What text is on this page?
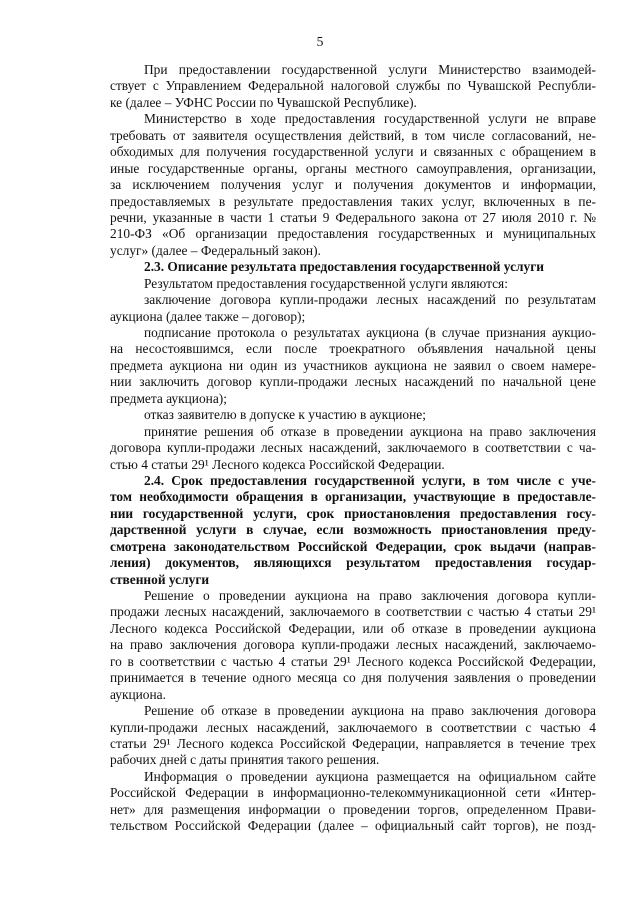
5
При предоставлении государственной услуги Министерство взаимодей-
ствует с Управлением Федеральной налоговой службы по Чувашской Республи-
ке (далее – УФНС России по Чувашской Республике).
Министерство в ходе предоставления государственной услуги не вправе
требовать от заявителя осуществления действий, в том числе согласований, не-
обходимых для получения государственной услуги и связанных с обращением в
иные государственные органы, органы местного самоуправления, организации,
за исключением получения услуг и получения документов и информации,
предоставляемых в результате предоставления таких услуг, включенных в пе-
речни, указанные в части 1 статьи 9 Федерального закона от 27 июля 2010 г. №
210-ФЗ «Об организации предоставления государственных и муниципальных
услуг» (далее – Федеральный закон).
2.3. Описание результата предоставления государственной услуги
Результатом предоставления государственной услуги являются:
заключение договора купли-продажи лесных насаждений по результатам
аукциона (далее также – договор);
подписание протокола о результатах аукциона (в случае признания аукцио-
на несостоявшимся, если после троекратного объявления начальной цены
предмета аукциона ни один из участников аукциона не заявил о своем намере-
нии заключить договор купли-продажи лесных насаждений по начальной цене
предмета аукциона);
отказ заявителю в допуске к участию в аукционе;
принятие решения об отказе в проведении аукциона на право заключения
договора купли-продажи лесных насаждений, заключаемого в соответствии с ча-
стью 4 статьи 29¹ Лесного кодекса Российской Федерации.
2.4. Срок предоставления государственной услуги, в том числе с уче-
том необходимости обращения в организации, участвующие в предоставле-
нии государственной услуги, срок приостановления предоставления госу-
дарственной услуги в случае, если возможность приостановления преду-
смотрена законодательством Российской Федерации, срок выдачи (направ-
ления) документов, являющихся результатом предоставления государ-
ственной услуги
Решение о проведении аукциона на право заключения договора купли-
продажи лесных насаждений, заключаемого в соответствии с частью 4 статьи 29¹
Лесного кодекса Российской Федерации, или об отказе в проведении аукциона
на право заключения договора купли-продажи лесных насаждений, заключаемо-
го в соответствии с частью 4 статьи 29¹ Лесного кодекса Российской Федерации,
принимается в течение одного месяца со дня получения заявления о проведении
аукциона.
Решение об отказе в проведении аукциона на право заключения договора
купли-продажи лесных насаждений, заключаемого в соответствии с частью 4
статьи 29¹ Лесного кодекса Российской Федерации, направляется в течение трех
рабочих дней с даты принятия такого решения.
Информация о проведении аукциона размещается на официальном сайте
Российской Федерации в информационно-телекоммуникационной сети «Интер-
нет» для размещения информации о проведении торгов, определенном Прави-
тельством Российской Федерации (далее – официальный сайт торгов), не позд-
